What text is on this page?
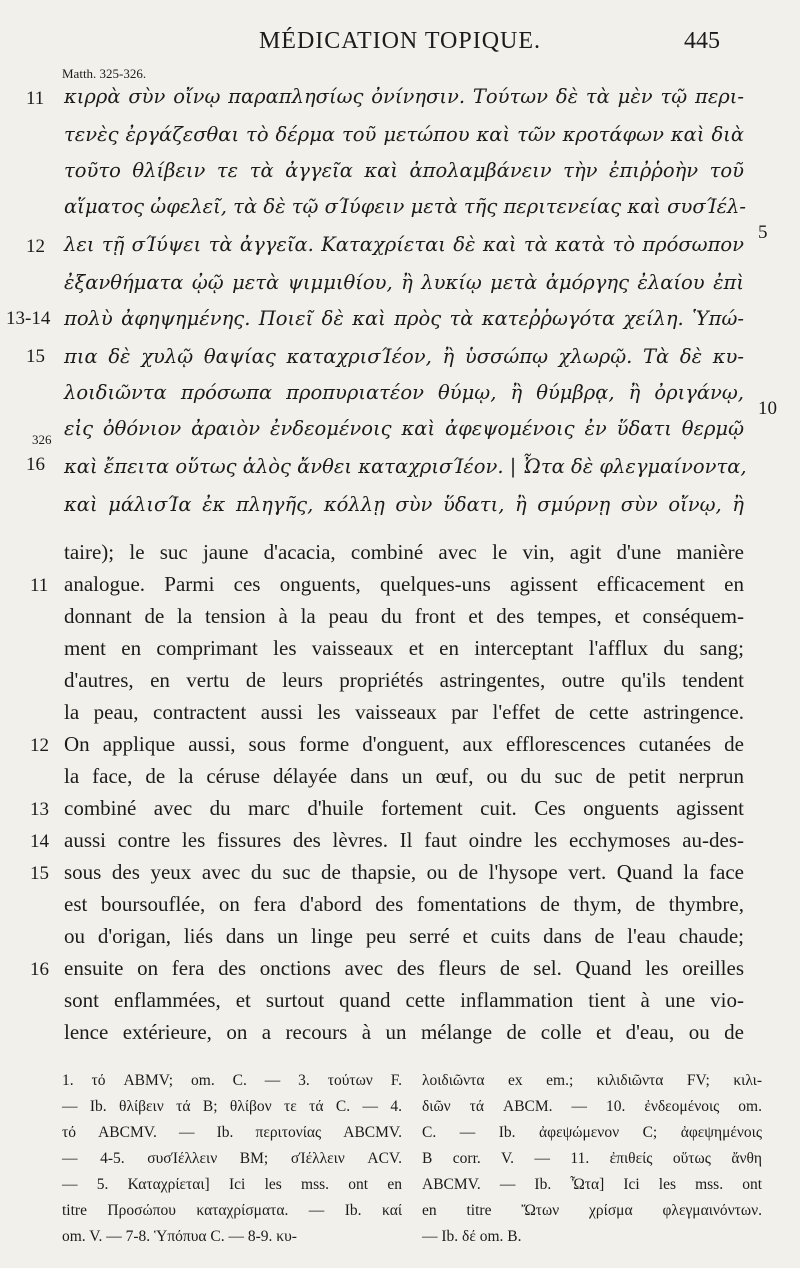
MÉDICATION TOPIQUE.	445
Matth. 325-326.
κιρρὰ σὺν οἴνῳ παραπλησίως ὀνίνησιν. Τούτων δὲ τὰ μὲν τῷ περι-
τενὲς ἐργάζεσθαι τὸ δέρμα τοῦ μετώπου καὶ τῶν κροτάφων καὶ διὰ
τοῦτο θλίβειν τε τὰ ἀγγεῖα καὶ ἀπολαμβάνειν τὴν ἐπιῤῥοὴν τοῦ
αἵματος ὠφελεῖ, τὰ δὲ τῷ σΊύφειν μετὰ τῆς περιτενείας καὶ συσΊέλ-
λει τῇ σΊύψει τὰ ἀγγεῖα. Καταχρίεται δὲ καὶ τὰ κατὰ τὸ πρόσωπον
ἐξανθήματα ᾠῷ μετὰ ψιμμιθίου, ἢ λυκίῳ μετὰ ἀμόργης ἐλαίου ἐπὶ
πολὺ ἀφηψημένης. Ποιεῖ δὲ καὶ πρὸς τὰ κατεῤῥωγότα χείλη. Ὑπώ-
πια δὲ χυλῷ θαψίας καταχρισΊέον, ἢ ὑσσώπῳ χλωρῷ. Τὰ δὲ κυ-
λοιδιῶντα πρόσωπα προπυριατέον θύμῳ, ἢ θύμβρᾳ, ἢ ὀριγάνῳ,
εἰς ὀθόνιον ἀραιὸν ἐνδεομένοις καὶ ἀφεψομένοις ἐν ὕδατι θερμῷ
καὶ ἔπειτα οὕτως ἁλὸς ἄνθει καταχρισΊέον. | Ὦτα δὲ φλεγμαίνοντα,
καὶ μάλισΊα ἐκ πληγῆς, κόλλῃ σὺν ὕδατι, ἢ σμύρνῃ σὺν οἴνῳ, ἢ
11
12
13-14
15
326
16
5
10
taire); le suc jaune d'acacia, combiné avec le vin, agit d'une manière
analogue. Parmi ces onguents, quelques-uns agissent efficacement en
donnant de la tension à la peau du front et des tempes, et conséquem-
ment en comprimant les vaisseaux et en interceptant l'afflux du sang;
d'autres, en vertu de leurs propriétés astringentes, outre qu'ils tendent
la peau, contractent aussi les vaisseaux par l'effet de cette astringence.
On applique aussi, sous forme d'onguent, aux efflorescences cutanées de
la face, de la céruse délayée dans un œuf, ou du suc de petit nerprun
combiné avec du marc d'huile fortement cuit. Ces onguents agissent
aussi contre les fissures des lèvres. Il faut oindre les ecchymoses au-des-
sous des yeux avec du suc de thapsie, ou de l'hysope vert. Quand la face
est boursouflée, on fera d'abord des fomentations de thym, de thymbre,
ou d'origan, liés dans un linge peu serré et cuits dans de l'eau chaude;
ensuite on fera des onctions avec des fleurs de sel. Quand les oreilles
sont enflammées, et surtout quand cette inflammation tient à une vio-
lence extérieure, on a recours à un mélange de colle et d'eau, ou de
11
12
13
14
15
16
1. τό ABMV; om. C. — 3. τούτων F.
— Ib. θλίβειν τά B; θλίβον τε τά C. — 4.
τό ABCMV. — Ib. περιτονίας ABCMV.
— 4-5. συσΊέλλειν BM; σΊέλλειν ACV.
— 5. Καταχρίεται] Ici les mss. ont en
titre Προσώπου καταχρίσματα. — Ib. καί
om. V. — 7-8. Ὑπόπυα C. — 8-9. κυ-
λοιδιῶντα ex em.; κιλιδιῶντα FV; κιλι-
διῶν τά ABCM. — 10. ἐνδεομένοις om.
C. — Ib. ἀφεψώμενον C; ἀφεψημένοις
B corr. V. — 11. ἐπιθείς οὕτως ἄνθη
ABCMV. — Ib. Ὦτα] Ici les mss. ont
en titre Ὤτων χρίσμα φλεγμαινόντων.
— Ib. δέ om. B.
